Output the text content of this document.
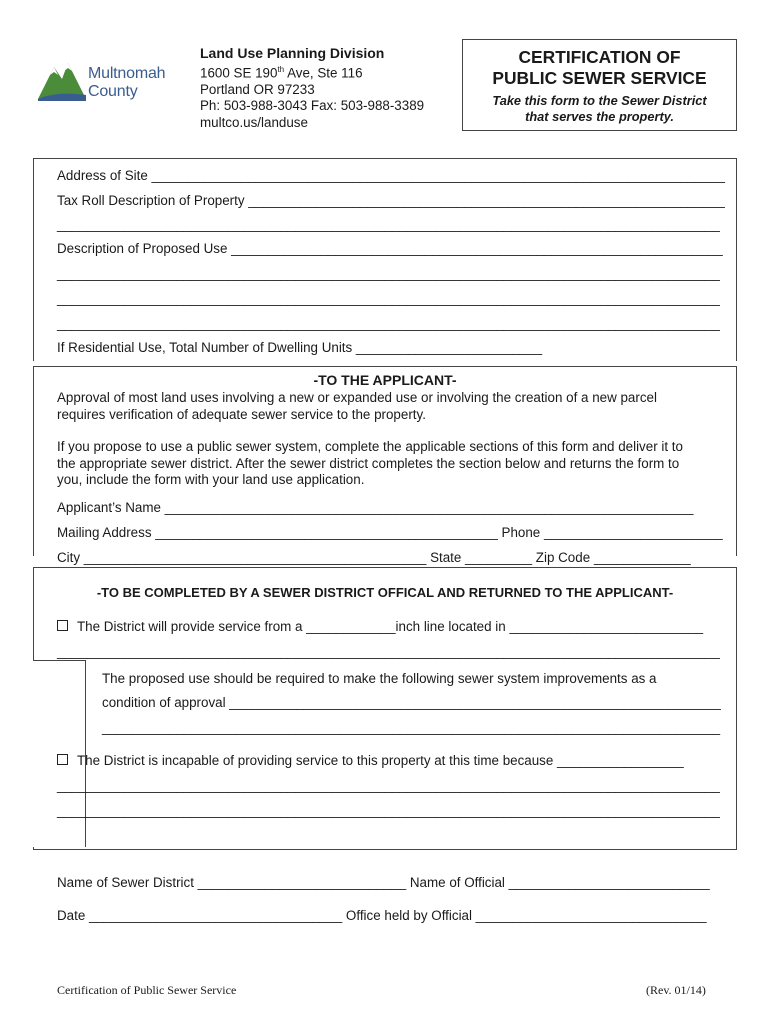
Multnomah
County
Land Use Planning Division
1600 SE 190th Ave, Ste 116
Portland OR 97233
Ph: 503-988-3043 Fax: 503-988-3389
multco.us/landuse
CERTIFICATION OF
PUBLIC SEWER SERVICE
Take this form to the Sewer District
that serves the property.
Address of Site _____________________________________________________________________________
Tax Roll Description of Property ________________________________________________________________
_________________________________________________________________________________________
Description of Proposed Use __________________________________________________________________
_________________________________________________________________________________________
_________________________________________________________________________________________
_________________________________________________________________________________________
If Residential Use, Total Number of Dwelling Units _________________________
-TO THE APPLICANT-
Approval of most land uses involving a new or expanded use or involving the creation of a new parcel
requires verification of adequate sewer service to the property.
If you propose to use a public sewer system, complete the applicable sections of this form and deliver it to
the appropriate sewer district. After the sewer district completes the section below and returns the form to
you, include the form with your land use application.
Applicant’s Name _______________________________________________________________________
Mailing Address ______________________________________________ Phone ________________________
City ______________________________________________ State _________ Zip Code _____________
-TO BE COMPLETED BY A SEWER DISTRICT OFFICAL AND RETURNED TO THE APPLICANT-
The District will provide service from a ____________inch line located in __________________________
_________________________________________________________________________________________
The proposed use should be required to make the following sewer system improvements as a
condition of approval __________________________________________________________________
___________________________________________________________________________________
The District is incapable of providing service to this property at this time because _________________
_________________________________________________________________________________________
_________________________________________________________________________________________
Name of Sewer District ____________________________ Name of Official ___________________________
Date __________________________________ Office held by Official _______________________________
Certification of Public Sewer Service	(Rev. 01/14)
